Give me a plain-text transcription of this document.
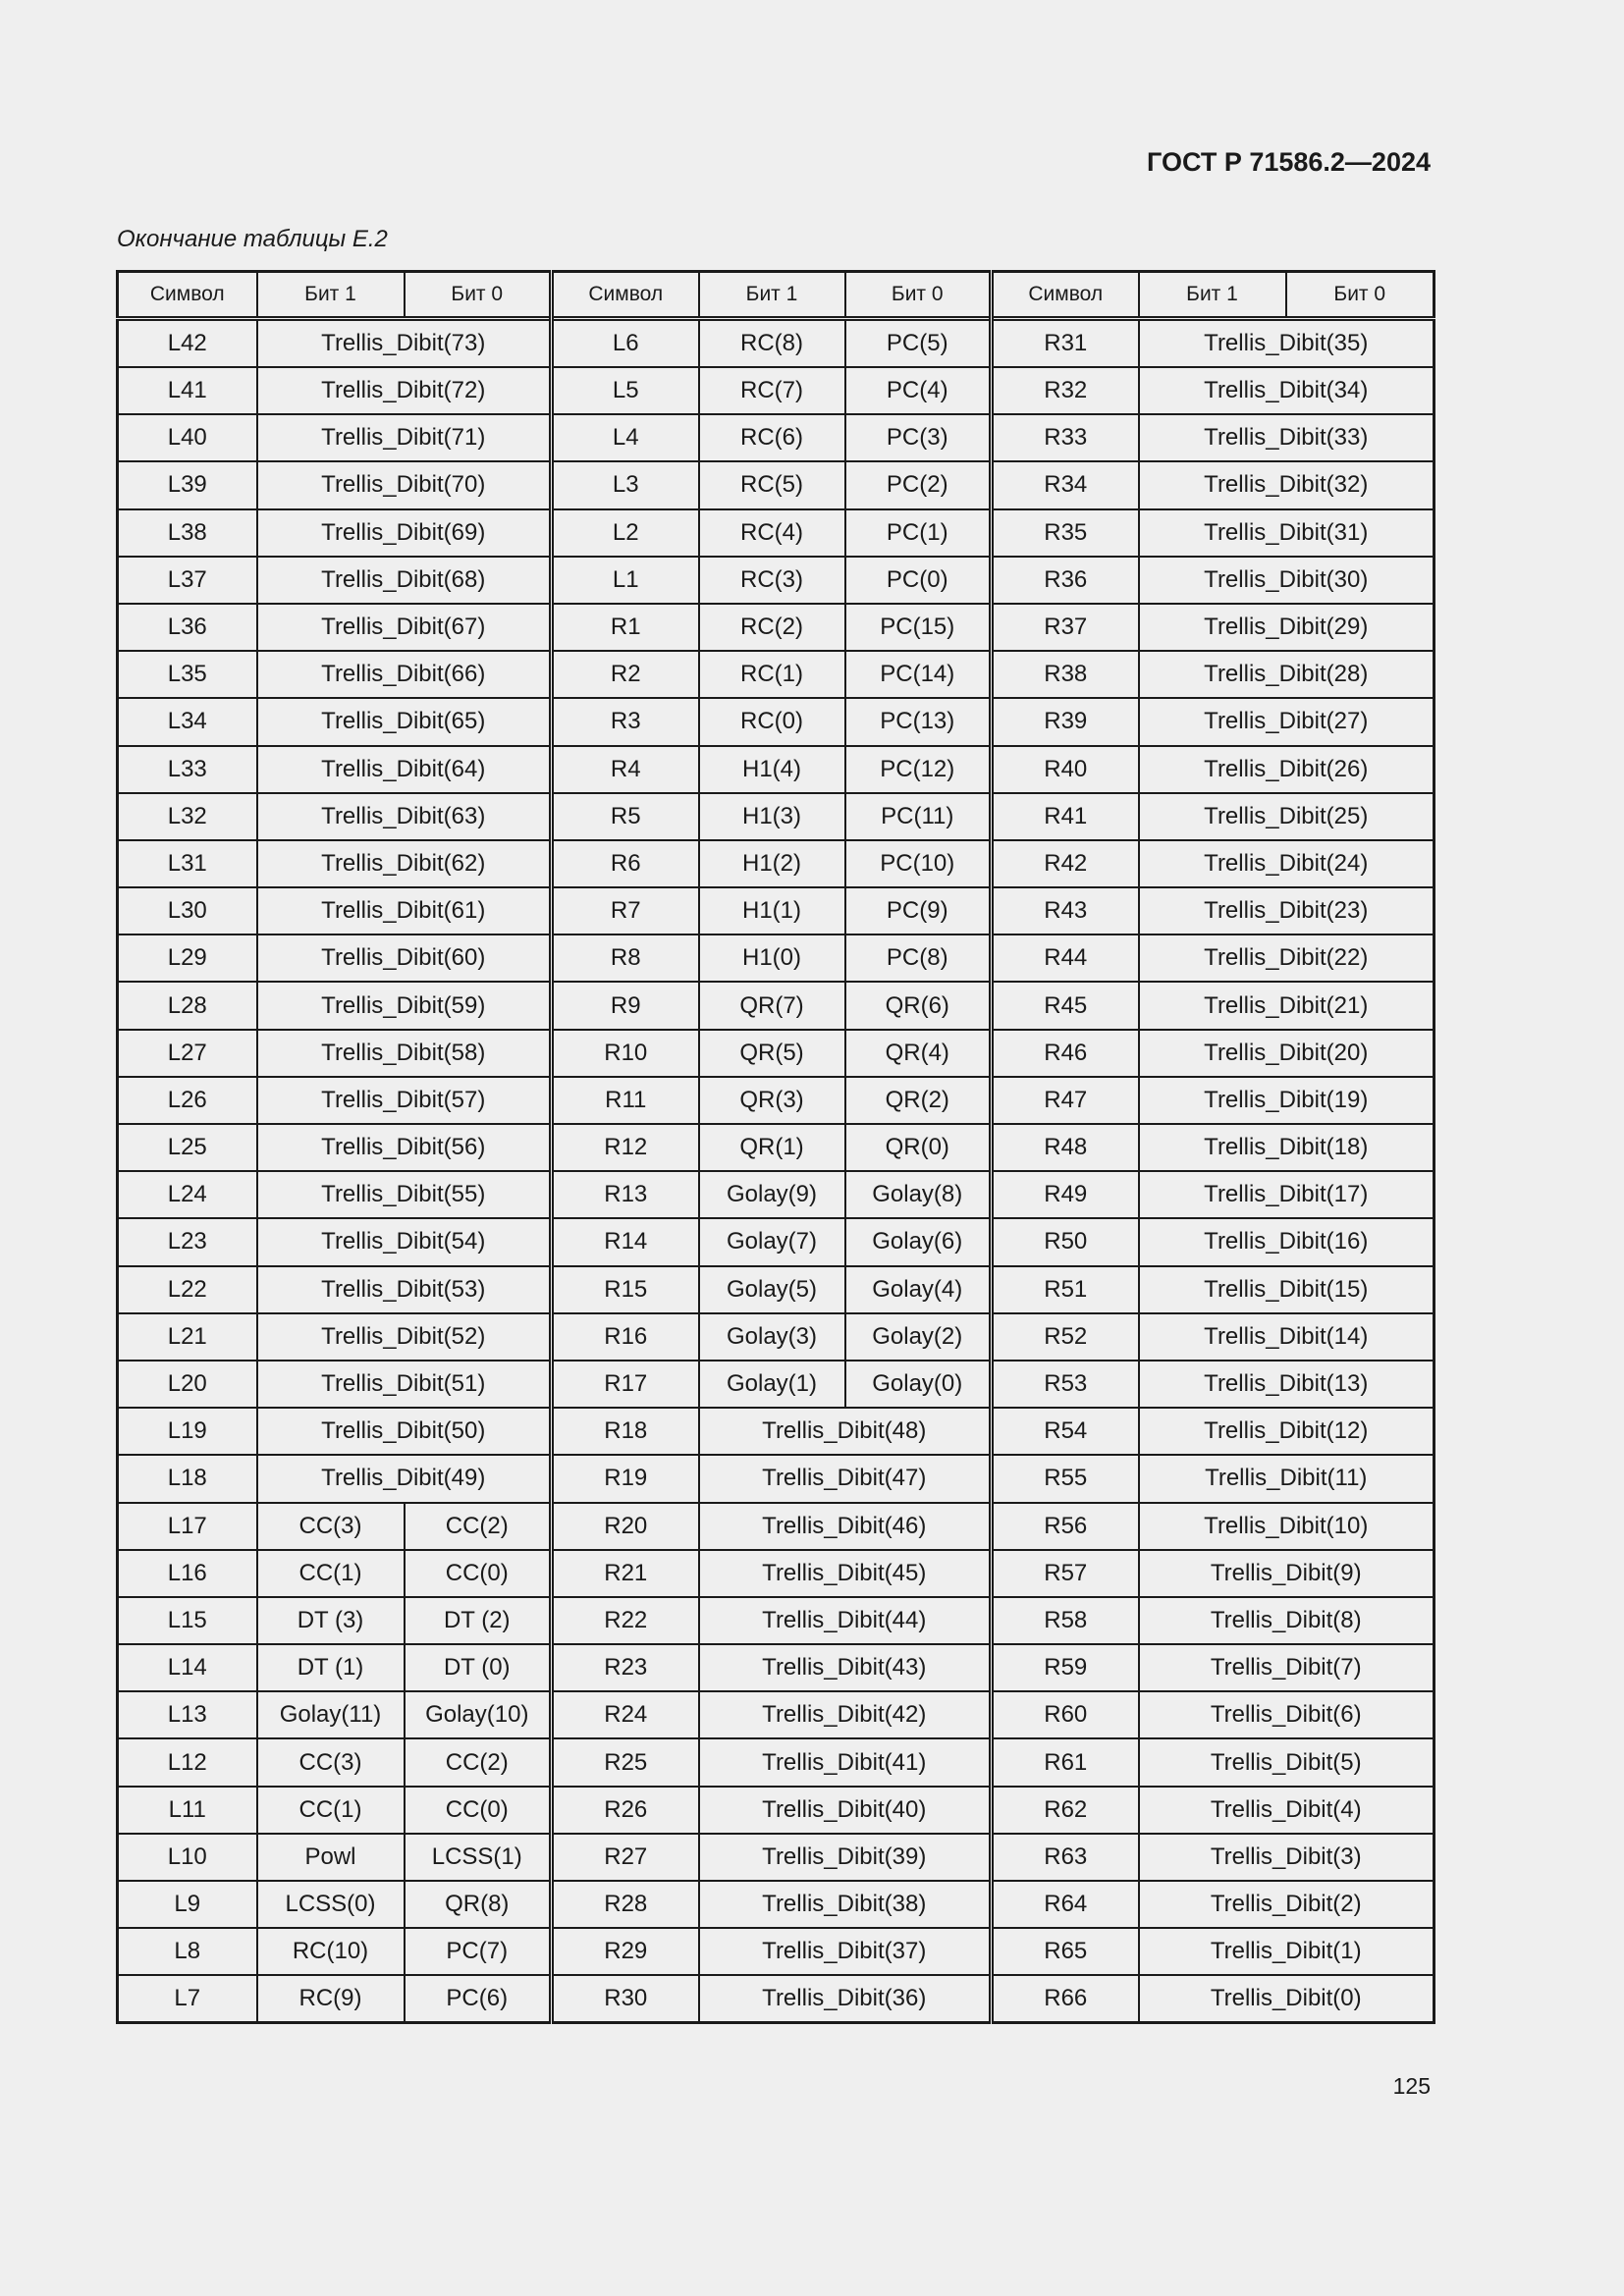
ГОСТ Р 71586.2—2024
Окончание таблицы Е.2
Символ	Бит 1	Бит 0	Символ	Бит 1	Бит 0	Символ	Бит 1	Бит 0
L42	Trellis_Dibit(73)		L6	RC(8)	PC(5)	R31	Trellis_Dibit(35)	
L41	Trellis_Dibit(72)		L5	RC(7)	PC(4)	R32	Trellis_Dibit(34)	
L40	Trellis_Dibit(71)		L4	RC(6)	PC(3)	R33	Trellis_Dibit(33)	
L39	Trellis_Dibit(70)		L3	RC(5)	PC(2)	R34	Trellis_Dibit(32)	
L38	Trellis_Dibit(69)		L2	RC(4)	PC(1)	R35	Trellis_Dibit(31)	
L37	Trellis_Dibit(68)		L1	RC(3)	PC(0)	R36	Trellis_Dibit(30)	
L36	Trellis_Dibit(67)		R1	RC(2)	PC(15)	R37	Trellis_Dibit(29)	
L35	Trellis_Dibit(66)		R2	RC(1)	PC(14)	R38	Trellis_Dibit(28)	
L34	Trellis_Dibit(65)		R3	RC(0)	PC(13)	R39	Trellis_Dibit(27)	
L33	Trellis_Dibit(64)		R4	H1(4)	PC(12)	R40	Trellis_Dibit(26)	
L32	Trellis_Dibit(63)		R5	H1(3)	PC(11)	R41	Trellis_Dibit(25)	
L31	Trellis_Dibit(62)		R6	H1(2)	PC(10)	R42	Trellis_Dibit(24)	
L30	Trellis_Dibit(61)		R7	H1(1)	PC(9)	R43	Trellis_Dibit(23)	
L29	Trellis_Dibit(60)		R8	H1(0)	PC(8)	R44	Trellis_Dibit(22)	
L28	Trellis_Dibit(59)		R9	QR(7)	QR(6)	R45	Trellis_Dibit(21)	
L27	Trellis_Dibit(58)		R10	QR(5)	QR(4)	R46	Trellis_Dibit(20)	
L26	Trellis_Dibit(57)		R11	QR(3)	QR(2)	R47	Trellis_Dibit(19)	
L25	Trellis_Dibit(56)		R12	QR(1)	QR(0)	R48	Trellis_Dibit(18)	
L24	Trellis_Dibit(55)		R13	Golay(9)	Golay(8)	R49	Trellis_Dibit(17)	
L23	Trellis_Dibit(54)		R14	Golay(7)	Golay(6)	R50	Trellis_Dibit(16)	
L22	Trellis_Dibit(53)		R15	Golay(5)	Golay(4)	R51	Trellis_Dibit(15)	
L21	Trellis_Dibit(52)		R16	Golay(3)	Golay(2)	R52	Trellis_Dibit(14)	
L20	Trellis_Dibit(51)		R17	Golay(1)	Golay(0)	R53	Trellis_Dibit(13)	
L19	Trellis_Dibit(50)		R18	Trellis_Dibit(48)		R54	Trellis_Dibit(12)	
L18	Trellis_Dibit(49)		R19	Trellis_Dibit(47)		R55	Trellis_Dibit(11)	
L17	CC(3)	CC(2)	R20	Trellis_Dibit(46)		R56	Trellis_Dibit(10)	
L16	CC(1)	CC(0)	R21	Trellis_Dibit(45)		R57	Trellis_Dibit(9)	
L15	DT (3)	DT (2)	R22	Trellis_Dibit(44)		R58	Trellis_Dibit(8)	
L14	DT (1)	DT (0)	R23	Trellis_Dibit(43)		R59	Trellis_Dibit(7)	
L13	Golay(11)	Golay(10)	R24	Trellis_Dibit(42)		R60	Trellis_Dibit(6)	
L12	CC(3)	CC(2)	R25	Trellis_Dibit(41)		R61	Trellis_Dibit(5)	
L11	CC(1)	CC(0)	R26	Trellis_Dibit(40)		R62	Trellis_Dibit(4)	
L10	Powl	LCSS(1)	R27	Trellis_Dibit(39)		R63	Trellis_Dibit(3)	
L9	LCSS(0)	QR(8)	R28	Trellis_Dibit(38)		R64	Trellis_Dibit(2)	
L8	RC(10)	PC(7)	R29	Trellis_Dibit(37)		R65	Trellis_Dibit(1)	
L7	RC(9)	PC(6)	R30	Trellis_Dibit(36)		R66	Trellis_Dibit(0)	
125
